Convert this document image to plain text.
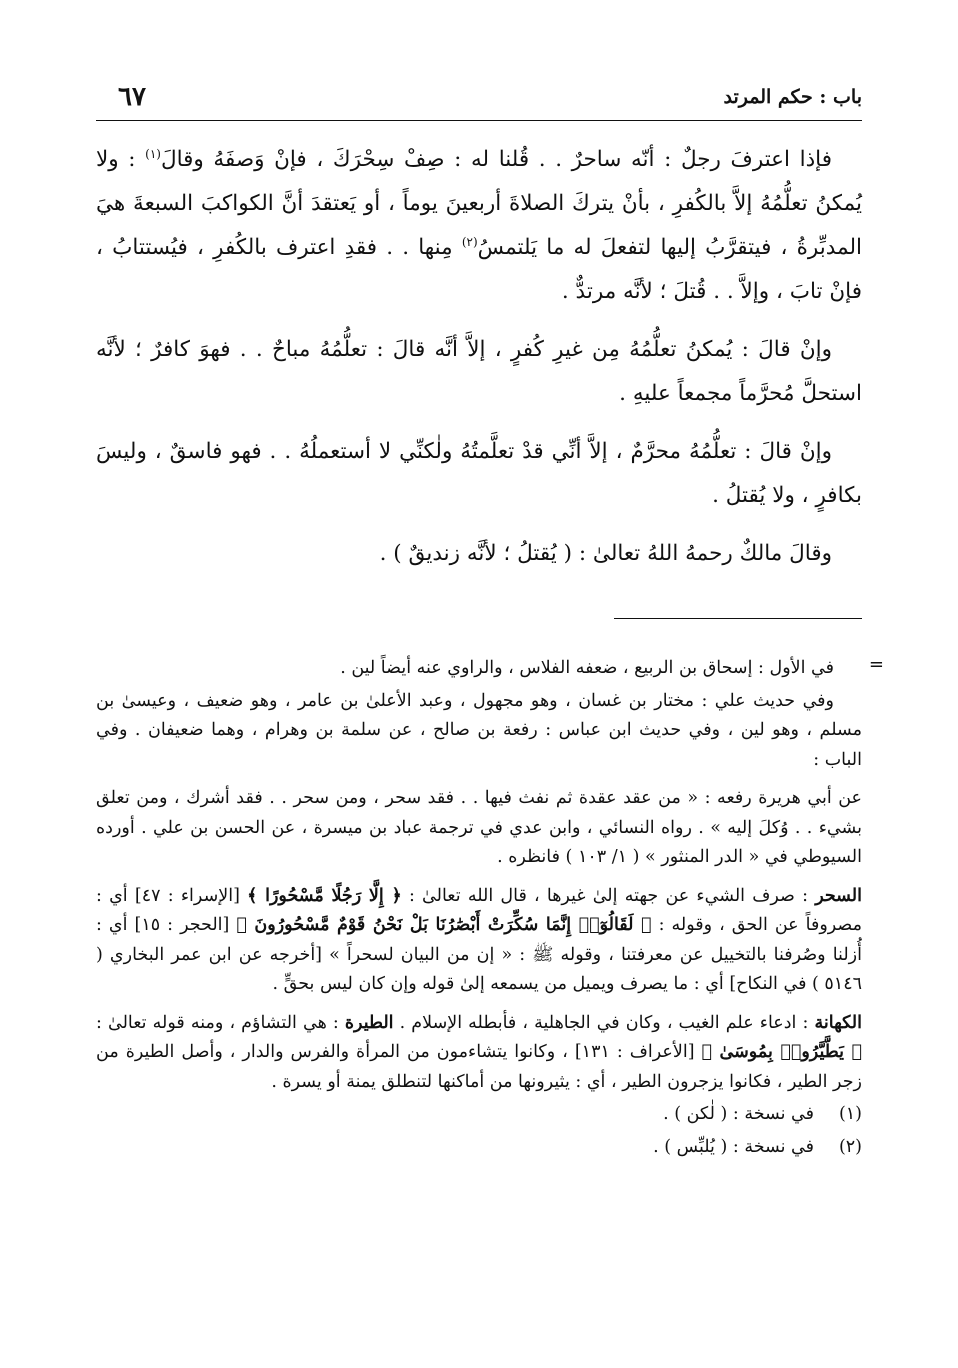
باب : حكم المرتد
٦٧

فإذا اعترفَ رجلٌ : أنّه ساحرٌ . . قُلنا له : صِفْ سِحْرَكَ ، فإنْ وَصفَهُ وقالَ$^{(١)}$ : ولا يُمكنُ تعلُّمُهُ إلاَّ بالكُفرِ ، بأنْ يتركَ الصلاةَ أربعينَ يوماً ، أو يَعتقدَ أنَّ الكواكبَ السبعةَ هيَ المدبِّرةُ ، فيتقرَّبُ إليها لتفعلَ له ما يَلتمسُ$^{(٢)}$ مِنها . . فقدِ اعترف بالكُفرِ ، فيُستتابُ ، فإنْ تابَ ، وإلاَّ . . قُتلَ ؛ لأنَّه مرتدٌّ .

وإنْ قالَ : يُمكنُ تعلُّمُهُ مِن غيرِ كُفرٍ ، إلاَّ أنَّه قالَ : تعلُّمُهُ مباحٌ . . فهوَ كافرٌ ؛ لأنَّه استحلَّ مُحرَّماً مجمعاً عليهِ .

وإنْ قالَ : تعلُّمُهُ محرَّمٌ ، إلاَّ أنِّي قدْ تعلَّمتُهُ ولٰكنِّي لا أستعملُهُ . . فهو فاسقٌ ، وليسَ بكافرٍ ، ولا يُقتلُ .

وقالَ مالكٌ رحمهُ اللهُ تعالىٰ : ( يُقتلُ ؛ لأنَّه زنديقٌ ) .

=

في الأول : إسحاق بن الربيع ، ضعفه الفلاس ، والراوي عنه أيضاً لين .

وفي حديث علي : مختار بن غسان ، وهو مجهول ، وعبد الأعلىٰ بن عامر ، وهو ضعيف ، وعيسىٰ بن مسلم ، وهو لين ، وفي حديث ابن عباس : رفعة بن صالح ، عن سلمة بن وهرام ، وهما ضعيفان . وفي الباب :

عن أبي هريرة رفعه : « من عقد عقدة ثم نفث فيها . . فقد سحر ، ومن سحر . . فقد أشرك ، ومن تعلق بشيء . . وُكلَ إليه » . رواه النسائي ، وابن عدي في ترجمة عباد بن ميسرة ، عن الحسن بن علي . أورده السيوطي في « الدر المنثور » ( ١/ ١٠٣ ) فانظره .

السحر : صرف الشيء عن جهته إلىٰ غيرها ، قال الله تعالىٰ : ﴿ إِلَّا رَجُلًا مَّسْحُورًا ﴾ [الإسراء : ٤٧] أي : مصروفاً عن الحق ، وقوله : ﴿ لَقَالُوٓا۟ إِنَّمَا سُكِّرَتْ أَبْصَٰرُنَا بَلْ نَحْنُ قَوْمٌ مَّسْحُورُونَ ﴾ [الحجر : ١٥] أي : أُزلنا وصُرفنا بالتخييل عن معرفتنا ، وقوله ﷺ : « إن من البيان لسحراً » [أخرجه عن ابن عمر البخاري ( ٥١٤٦ ) في النكاح] أي : ما يصرف ويميل من يسمعه إلىٰ قوله وإن كان ليس بحقٍّ .

الكهانة : ادعاء علم الغيب ، وكان في الجاهلية ، فأبطله الإسلام . الطيرة : هي التشاؤم ، ومنه قوله تعالىٰ : ﴿ يَطَّيَّرُوا۟ بِمُوسَىٰ ﴾ [الأعراف : ١٣١] ، وكانوا يتشاءمون من المرأة والفرس والدار ، وأصل الطيرة من زجر الطير ، فكانوا يزجرون الطير ، أي : يثيرونها من أماكنها لتنطلق يمنة أو يسرة .

(١)
في نسخة : ( لٰكن ) .
(٢)
في نسخة : ( يُلبِّس ) .
